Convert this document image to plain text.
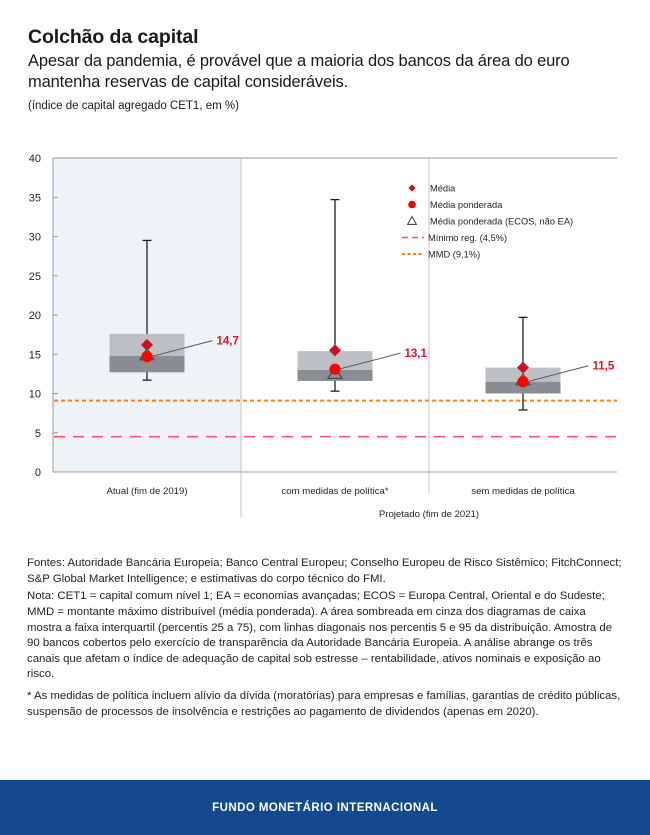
Colchão da capital
Apesar da pandemia, é provável que a maioria dos bancos da área do euro mantenha reservas de capital consideráveis.
(índice de capital agregado CET1, em %)
0
5
10
15
20
25
30
35
40
14,7
Atual (fim de 2019)
13,1
com medidas de política*
11,5
sem medidas de política
Projetado (fim de 2021)
Média
Média ponderada
Média ponderada (ECOS, não EA)
Mínimo reg. (4,5%)
MMD (9,1%)

Fontes: Autoridade Bancária Europeia; Banco Central Europeu; Conselho Europeu de Risco Sistêmico; FitchConnect; S&P Global Market Intelligence; e estimativas do corpo técnico do FMI.

Nota: CET1 = capital comum nível 1; EA = economias avançadas; ECOS = Europa Central, Oriental e do Sudeste; MMD = montante máximo distribuível (média ponderada). A área sombreada em cinza dos diagramas de caixa mostra a faixa interquartil (percentis 25 a 75), com linhas diagonais nos percentis 5 e 95 da distribuição. Amostra de 90 bancos cobertos pelo exercício de transparência da Autoridade Bancária Europeia. A análise abrange os três canais que afetam o índice de adequação de capital sob estresse – rentabilidade, ativos nominais e exposição ao risco.

* As medidas de política incluem alívio da dívida (moratórias) para empresas e famílias, garantias de crédito públicas, suspensão de processos de insolvência e restrições ao pagamento de dividendos (apenas em 2020).

FUNDO MONETÁRIO INTERNACIONAL
